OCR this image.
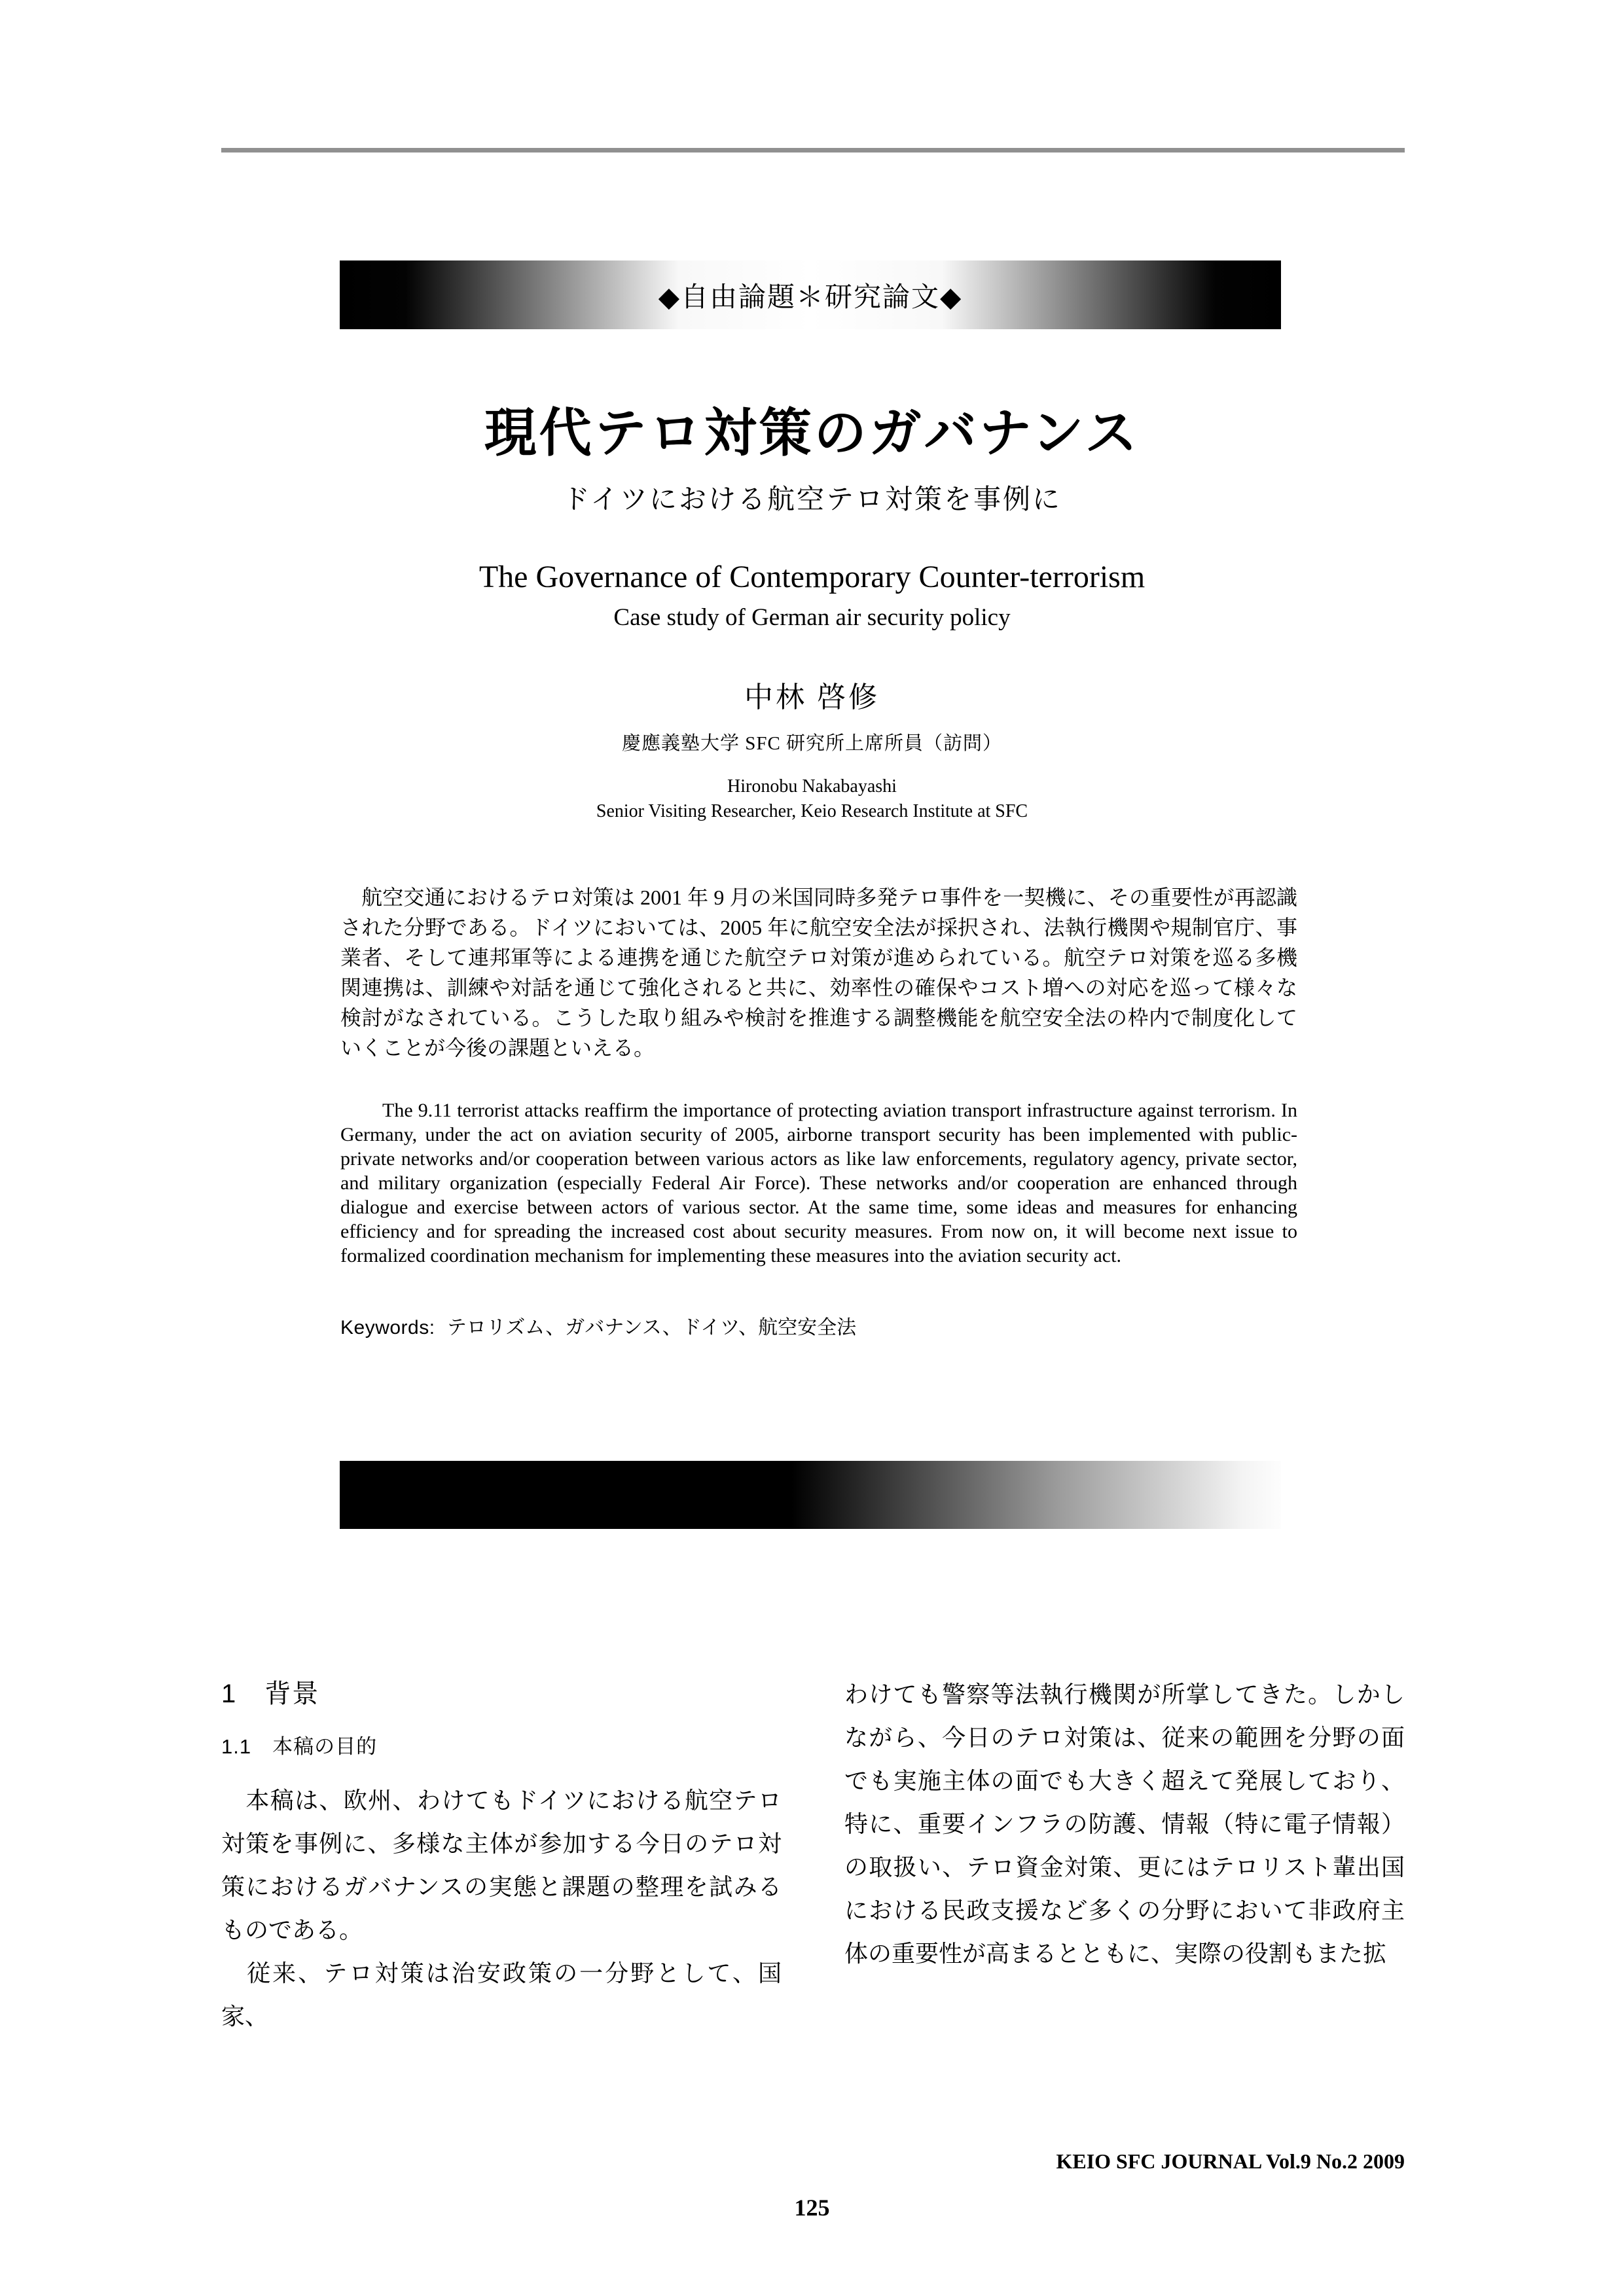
◆自由論題＊研究論文◆
現代テロ対策のガバナンス
ドイツにおける航空テロ対策を事例に
The Governance of Contemporary Counter-terrorism
Case study of German air security policy
中林 啓修
慶應義塾大学 SFC 研究所上席所員（訪問）
Hironobu Nakabayashi
Senior Visiting Researcher, Keio Research Institute at SFC

　航空交通におけるテロ対策は 2001 年 9 月の米国同時多発テロ事件を一契機に、その重要性が再認識された分野である。ドイツにおいては、2005 年に航空安全法が採択され、法執行機関や規制官庁、事業者、そして連邦軍等による連携を通じた航空テロ対策が進められている。航空テロ対策を巡る多機関連携は、訓練や対話を通じて強化されると共に、効率性の確保やコスト増への対応を巡って様々な検討がなされている。こうした取り組みや検討を推進する調整機能を航空安全法の枠内で制度化していくことが今後の課題といえる。

The 9.11 terrorist attacks reaffirm the importance of protecting aviation transport infrastructure against terrorism. In Germany, under the act on aviation security of 2005, airborne transport security has been implemented with public-private networks and/or cooperation between various actors as like law enforcements, regulatory agency, private sector, and military organization (especially Federal Air Force). These networks and/or cooperation are enhanced through dialogue and exercise between actors of various sector. At the same time, some ideas and measures for enhancing efficiency and for spreading the increased cost about security measures. From now on, it will become next issue to formalized coordination mechanism for implementing these measures into the aviation security act.

Keywords: テロリズム、ガバナンス、ドイツ、航空安全法

1　背景
1.1　本稿の目的

　本稿は、欧州、わけてもドイツにおける航空テロ対策を事例に、多様な主体が参加する今日のテロ対策におけるガバナンスの実態と課題の整理を試みるものである。

　従来、テロ対策は治安政策の一分野として、国家、

わけても警察等法執行機関が所掌してきた。しかしながら、今日のテロ対策は、従来の範囲を分野の面でも実施主体の面でも大きく超えて発展しており、特に、重要インフラの防護、情報（特に電子情報）の取扱い、テロ資金対策、更にはテロリスト輩出国における民政支援など多くの分野において非政府主体の重要性が高まるとともに、実際の役割もまた拡

KEIO SFC JOURNAL Vol.9 No.2 2009
125
